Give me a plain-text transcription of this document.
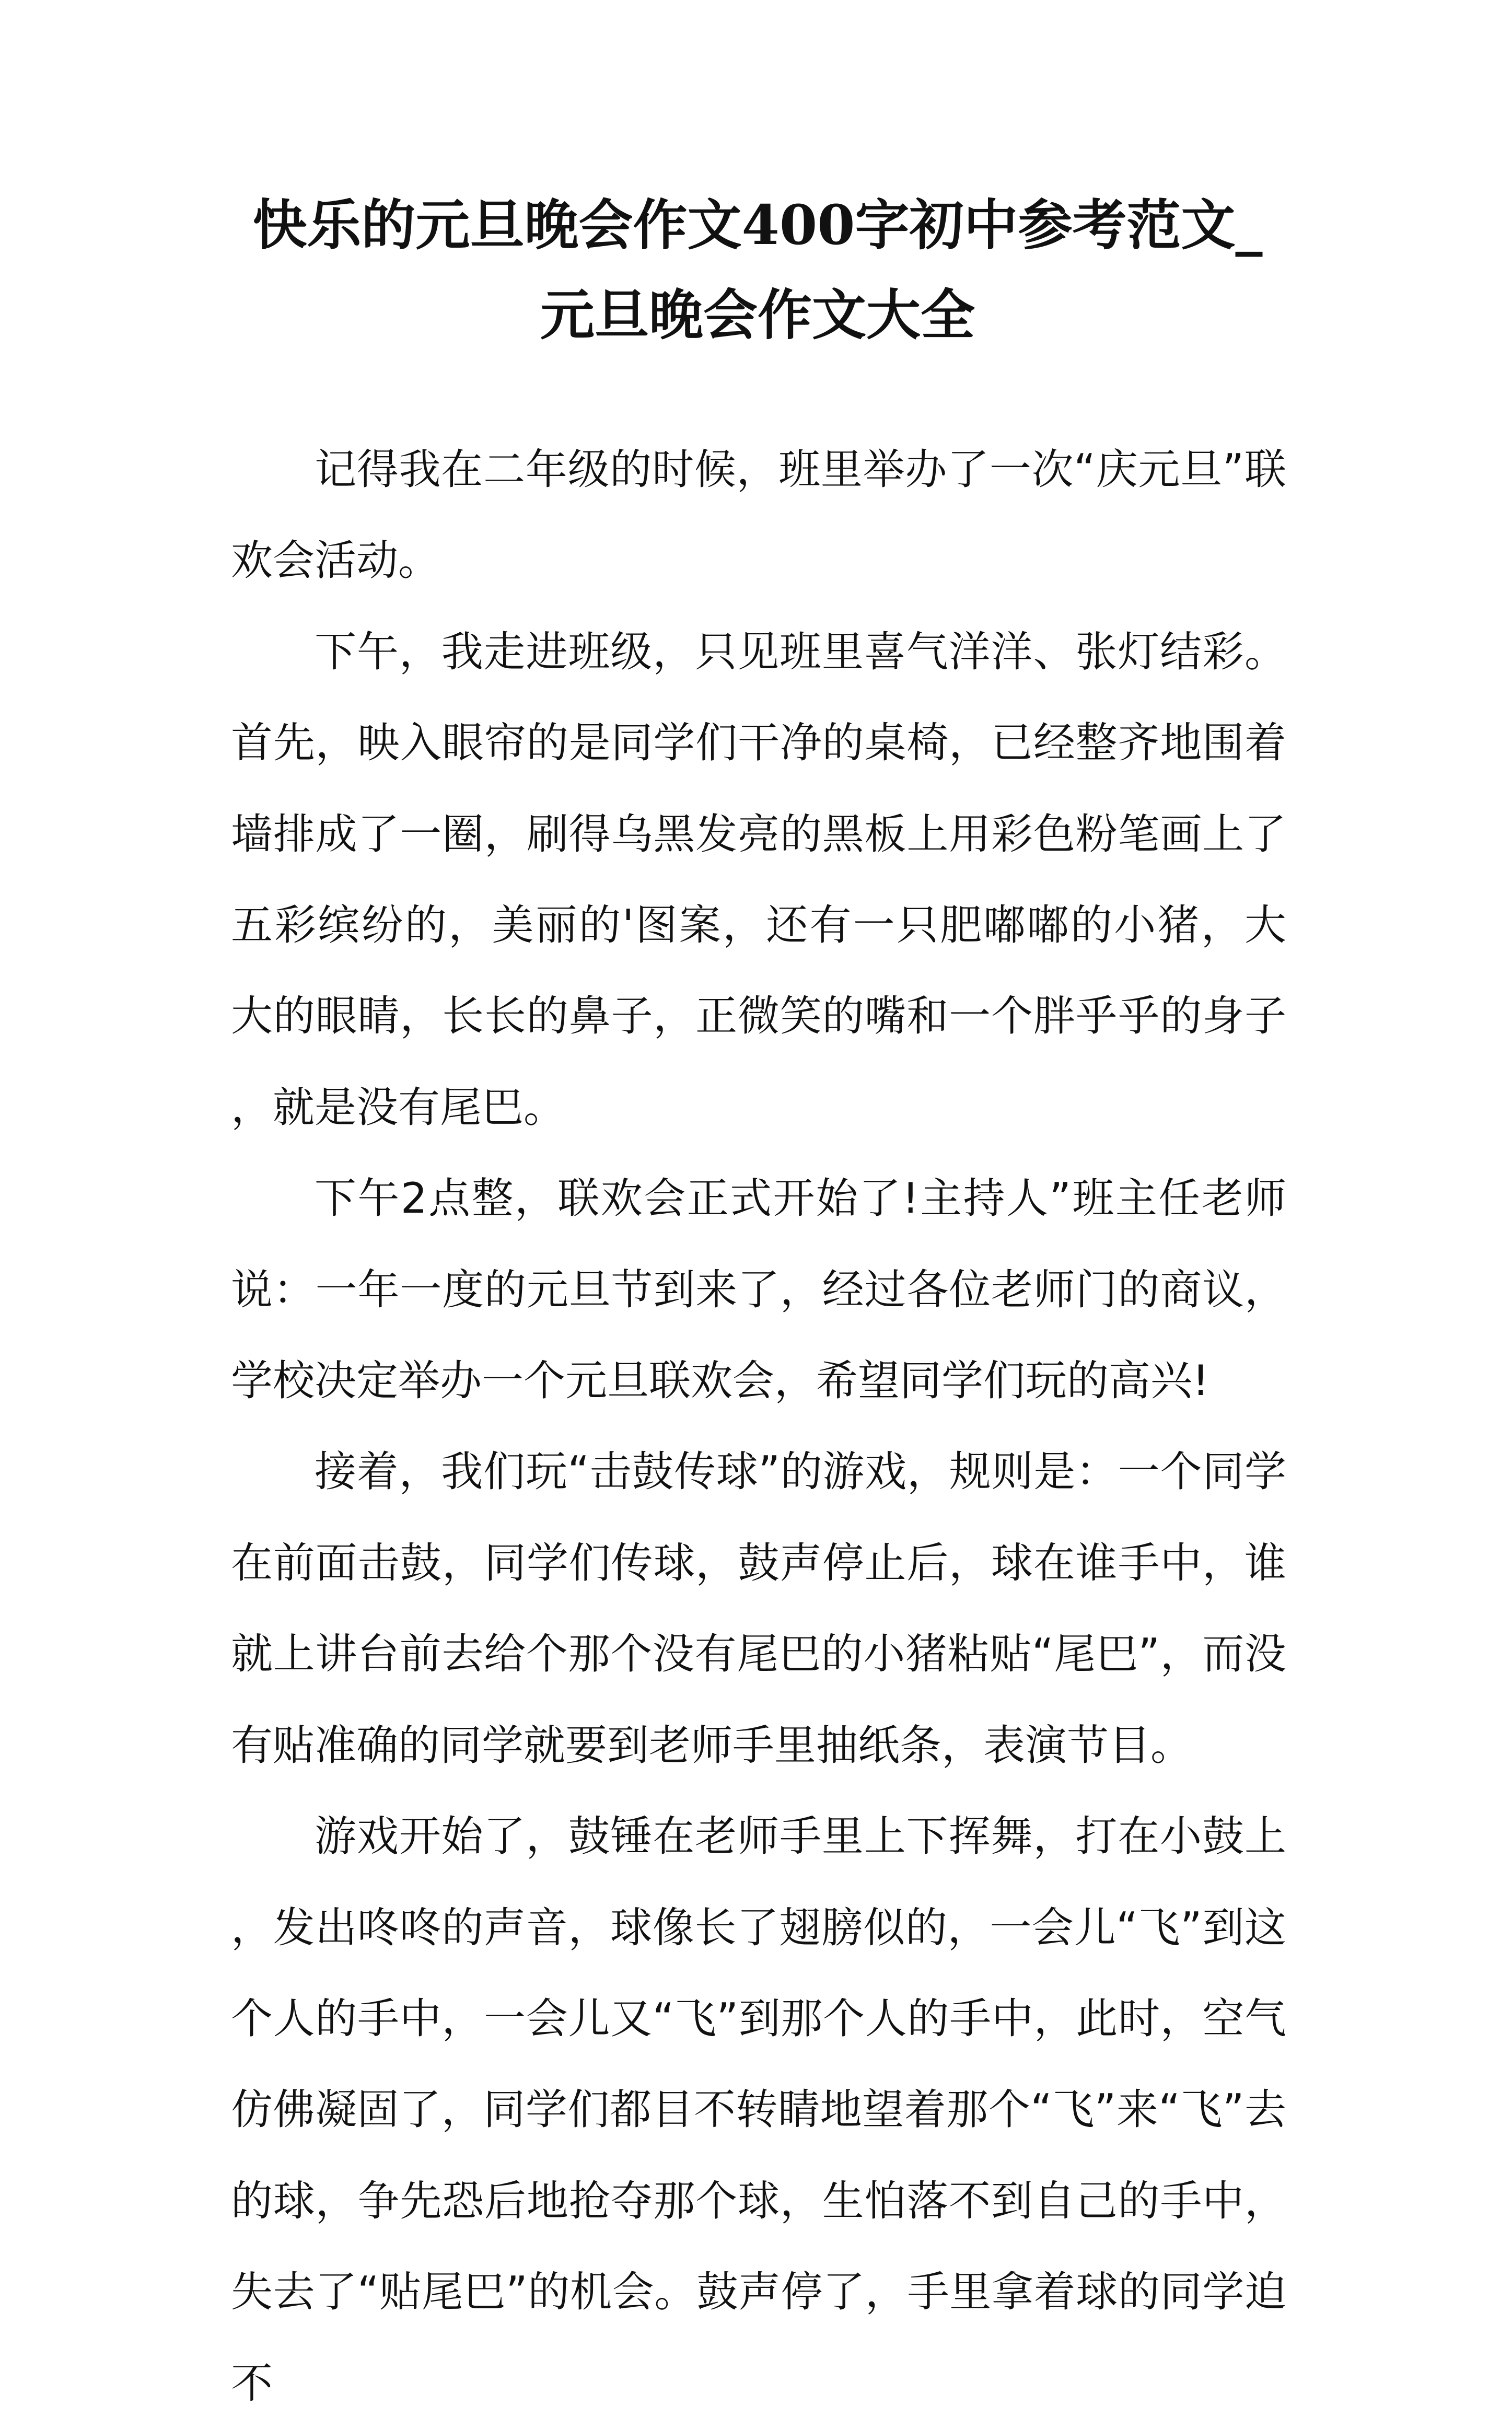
快乐的元旦晚会作文400字初中参考范文_
元旦晚会作文大全

记得我在二年级的时候，班里举办了一次“庆元旦”联欢会活动。

下午，我走进班级，只见班里喜气洋洋、张灯结彩。首先，映入眼帘的是同学们干净的桌椅，已经整齐地围着墙排成了一圈，刷得乌黑发亮的黑板上用彩色粉笔画上了五彩缤纷的，美丽的'图案，还有一只肥嘟嘟的小猪，大大的眼睛，长长的鼻子，正微笑的嘴和一个胖乎乎的身子，就是没有尾巴。

下午2点整，联欢会正式开始了!主持人”班主任老师说：一年一度的元旦节到来了，经过各位老师门的商议，学校决定举办一个元旦联欢会，希望同学们玩的高兴!

接着，我们玩“击鼓传球”的游戏，规则是：一个同学在前面击鼓，同学们传球，鼓声停止后，球在谁手中，谁就上讲台前去给个那个没有尾巴的小猪粘贴“尾巴”，而没有贴准确的同学就要到老师手里抽纸条，表演节目。

游戏开始了，鼓锤在老师手里上下挥舞，打在小鼓上，发出咚咚的声音，球像长了翅膀似的，一会儿“飞”到这个人的手中，一会儿又“飞”到那个人的手中，此时，空气仿佛凝固了，同学们都目不转睛地望着那个“飞”来“飞”去的球，争先恐后地抢夺那个球，生怕落不到自己的手中，失去了“贴尾巴”的机会。鼓声停了，手里拿着球的同学迫不
